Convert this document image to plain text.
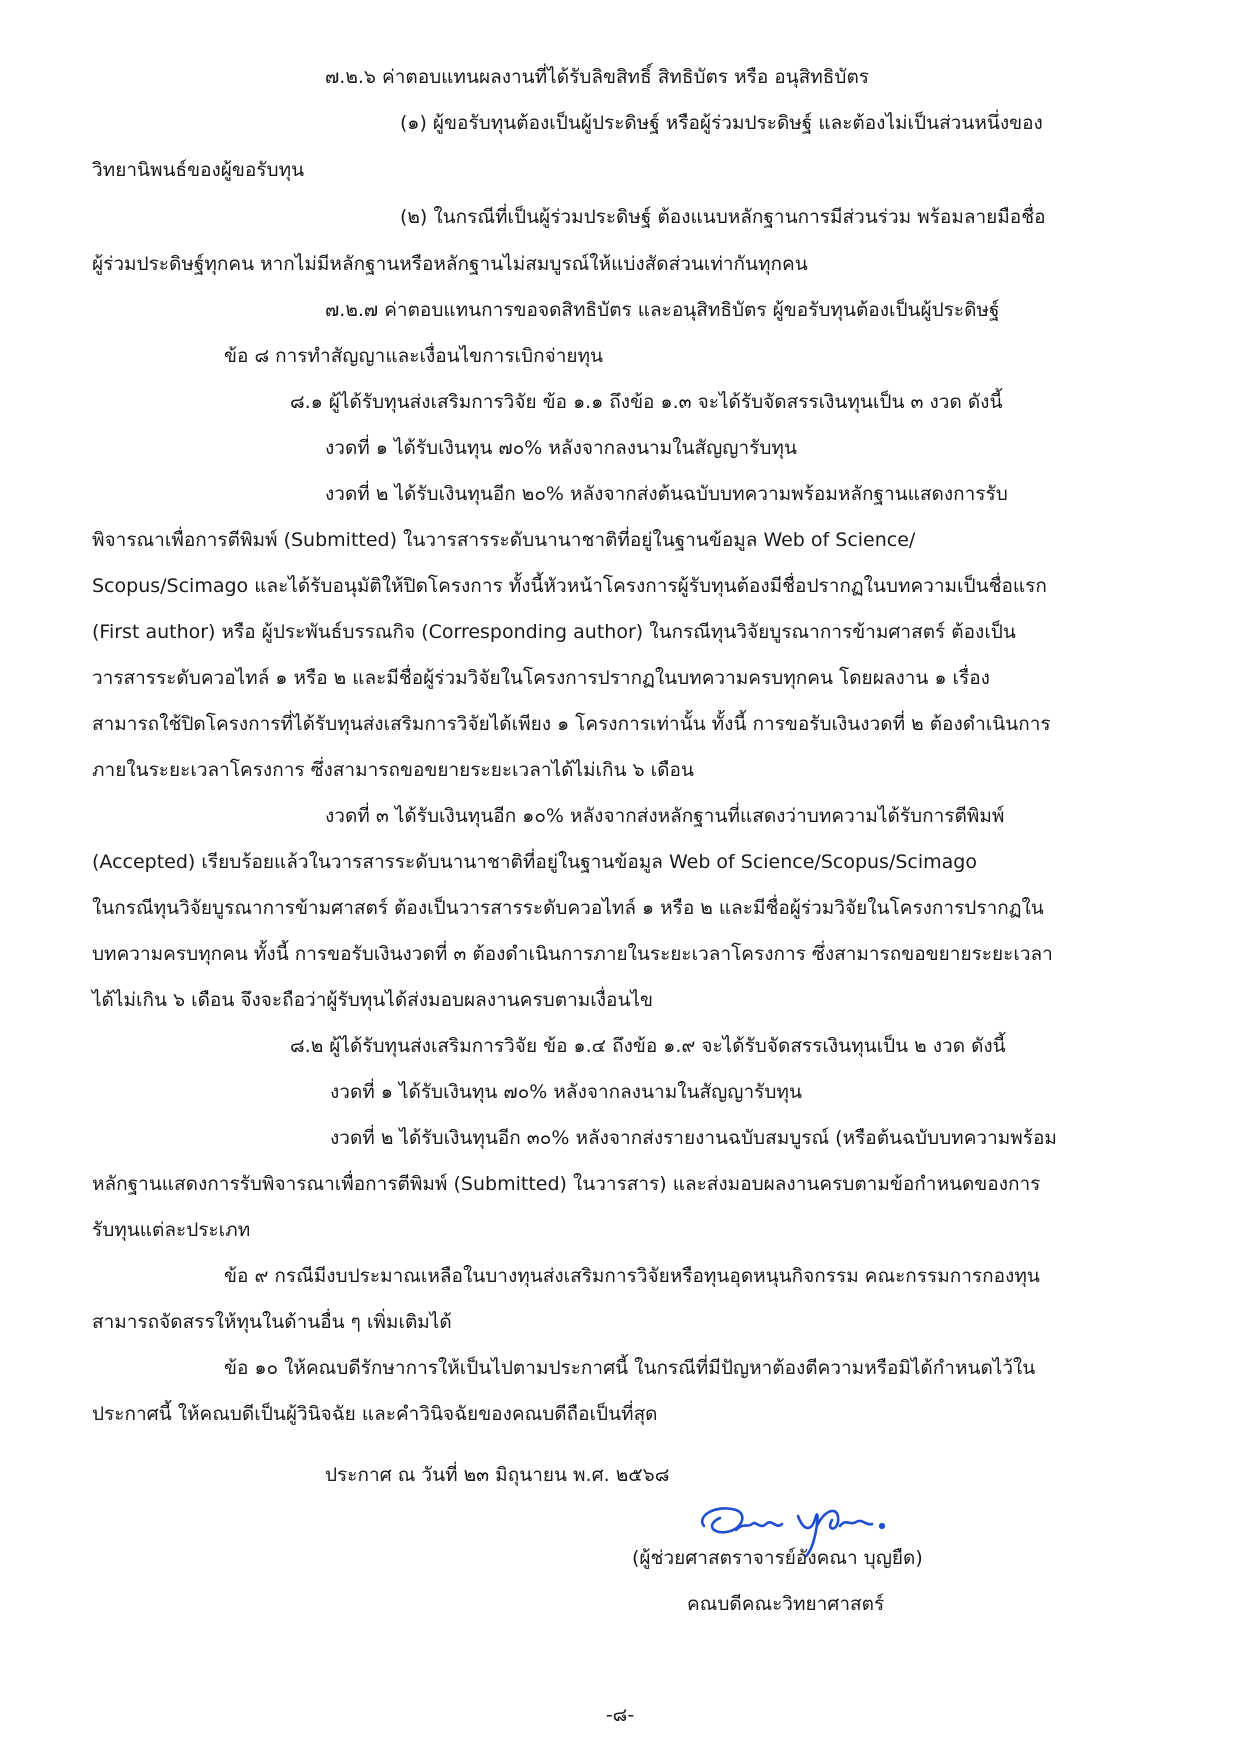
๗.๒.๖ ค่าตอบแทนผลงานที่ได้รับลิขสิทธิ์ สิทธิบัตร หรือ อนุสิทธิบัตร
(๑) ผู้ขอรับทุนต้องเป็นผู้ประดิษฐ์ หรือผู้ร่วมประดิษฐ์ และต้องไม่เป็นส่วนหนึ่งของ
วิทยานิพนธ์ของผู้ขอรับทุน
(๒) ในกรณีที่เป็นผู้ร่วมประดิษฐ์ ต้องแนบหลักฐานการมีส่วนร่วม พร้อมลายมือชื่อ
ผู้ร่วมประดิษฐ์ทุกคน หากไม่มีหลักฐานหรือหลักฐานไม่สมบูรณ์ให้แบ่งสัดส่วนเท่ากันทุกคน
๗.๒.๗ ค่าตอบแทนการขอจดสิทธิบัตร และอนุสิทธิบัตร ผู้ขอรับทุนต้องเป็นผู้ประดิษฐ์
ข้อ ๘ การทำสัญญาและเงื่อนไขการเบิกจ่ายทุน
๘.๑ ผู้ได้รับทุนส่งเสริมการวิจัย ข้อ ๑.๑ ถึงข้อ ๑.๓ จะได้รับจัดสรรเงินทุนเป็น ๓ งวด ดังนี้
งวดที่ ๑ ได้รับเงินทุน ๗๐% หลังจากลงนามในสัญญารับทุน
งวดที่ ๒ ได้รับเงินทุนอีก ๒๐% หลังจากส่งต้นฉบับบทความพร้อมหลักฐานแสดงการรับ
พิจารณาเพื่อการตีพิมพ์ (Submitted) ในวารสารระดับนานาชาติที่อยู่ในฐานข้อมูล Web of Science/
Scopus/Scimago และได้รับอนุมัติให้ปิดโครงการ ทั้งนี้หัวหน้าโครงการผู้รับทุนต้องมีชื่อปรากฏในบทความเป็นชื่อแรก
(First author) หรือ ผู้ประพันธ์บรรณกิจ (Corresponding author) ในกรณีทุนวิจัยบูรณาการข้ามศาสตร์ ต้องเป็น
วารสารระดับควอไทล์ ๑ หรือ ๒ และมีชื่อผู้ร่วมวิจัยในโครงการปรากฏในบทความครบทุกคน โดยผลงาน ๑ เรื่อง
สามารถใช้ปิดโครงการที่ได้รับทุนส่งเสริมการวิจัยได้เพียง ๑ โครงการเท่านั้น ทั้งนี้ การขอรับเงินงวดที่ ๒ ต้องดำเนินการ
ภายในระยะเวลาโครงการ ซึ่งสามารถขอขยายระยะเวลาได้ไม่เกิน ๖ เดือน
งวดที่ ๓ ได้รับเงินทุนอีก ๑๐% หลังจากส่งหลักฐานที่แสดงว่าบทความได้รับการตีพิมพ์
(Accepted) เรียบร้อยแล้วในวารสารระดับนานาชาติที่อยู่ในฐานข้อมูล Web of Science/Scopus/Scimago
ในกรณีทุนวิจัยบูรณาการข้ามศาสตร์ ต้องเป็นวารสารระดับควอไทล์ ๑ หรือ ๒ และมีชื่อผู้ร่วมวิจัยในโครงการปรากฏใน
บทความครบทุกคน ทั้งนี้ การขอรับเงินงวดที่ ๓ ต้องดำเนินการภายในระยะเวลาโครงการ ซึ่งสามารถขอขยายระยะเวลา
ได้ไม่เกิน ๖ เดือน จึงจะถือว่าผู้รับทุนได้ส่งมอบผลงานครบตามเงื่อนไข
๘.๒ ผู้ได้รับทุนส่งเสริมการวิจัย ข้อ ๑.๔ ถึงข้อ ๑.๙ จะได้รับจัดสรรเงินทุนเป็น ๒ งวด ดังนี้
งวดที่ ๑ ได้รับเงินทุน ๗๐% หลังจากลงนามในสัญญารับทุน
งวดที่ ๒ ได้รับเงินทุนอีก ๓๐% หลังจากส่งรายงานฉบับสมบูรณ์ (หรือต้นฉบับบทความพร้อม
หลักฐานแสดงการรับพิจารณาเพื่อการตีพิมพ์ (Submitted) ในวารสาร) และส่งมอบผลงานครบตามข้อกำหนดของการ
รับทุนแต่ละประเภท
ข้อ ๙ กรณีมีงบประมาณเหลือในบางทุนส่งเสริมการวิจัยหรือทุนอุดหนุนกิจกรรม คณะกรรมการกองทุน
สามารถจัดสรรให้ทุนในด้านอื่น ๆ เพิ่มเติมได้
ข้อ ๑๐ ให้คณบดีรักษาการให้เป็นไปตามประกาศนี้ ในกรณีที่มีปัญหาต้องตีความหรือมิได้กำหนดไว้ใน
ประกาศนี้ ให้คณบดีเป็นผู้วินิจฉัย และคำวินิจฉัยของคณบดีถือเป็นที่สุด
ประกาศ ณ วันที่ ๒๓ มิถุนายน พ.ศ. ๒๕๖๘
(ผู้ช่วยศาสตราจารย์อังคณา บุญยืด)
คณบดีคณะวิทยาศาสตร์
-๘-
